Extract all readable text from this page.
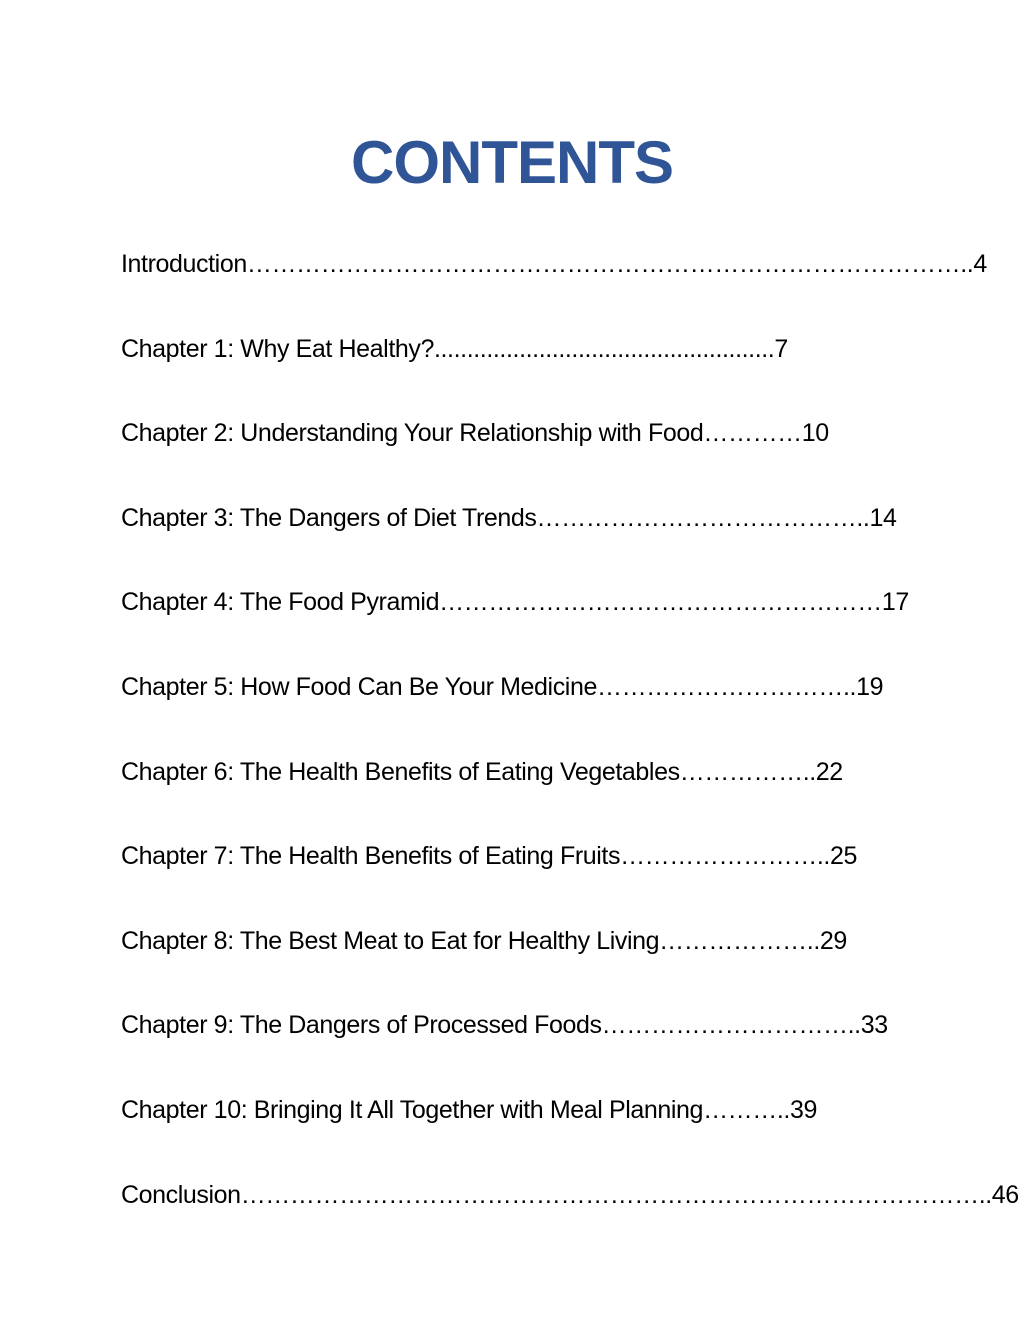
CONTENTS
Introduction……………………………………………………………………………..4
Chapter 1: Why Eat Healthy?....................................................7
Chapter 2: Understanding Your Relationship with Food…………10
Chapter 3: The Dangers of Diet Trends…………………………………..14
Chapter 4: The Food Pyramid………………………………………………17
Chapter 5: How Food Can Be Your Medicine…………………………..19
Chapter 6: The Health Benefits of Eating Vegetables……………..22
Chapter 7: The Health Benefits of Eating Fruits……………………..25
Chapter 8: The Best Meat to Eat for Healthy Living………………..29
Chapter 9: The Dangers of Processed Foods…………………………..33
Chapter 10: Bringing It All Together with Meal Planning………..39
Conclusion………………………………………………………………………………..46
